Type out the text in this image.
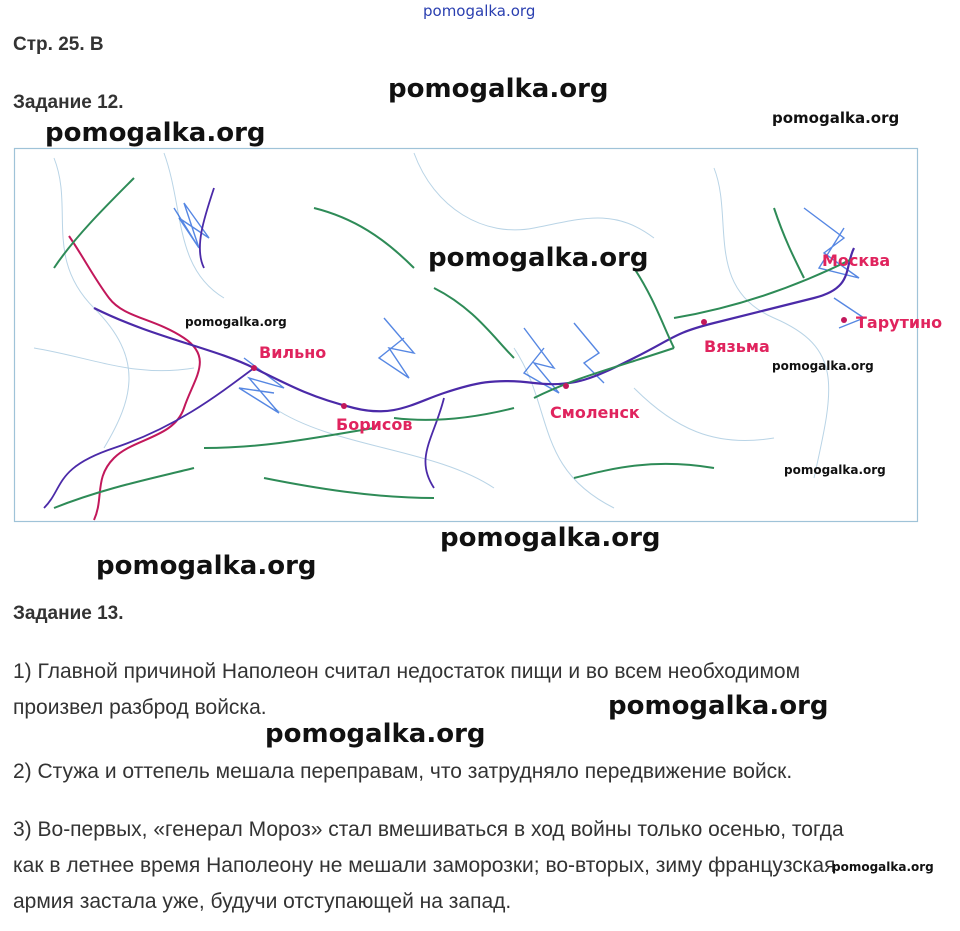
pomogalka.org
Стр. 25. В
Задание 12.	pomogalka.org
pomogalka.org
pomogalka.org
Вильно
Борисов
Смоленск
Вязьма
Москва
Тарутино
pomogalka.org
pomogalka.org
pomogalka.org
pomogalka.org
pomogalka.org
pomogalka.org
Задание 13.
1) Главной причиной Наполеон считал недостаток пищи и во всем необходимом произвел разброд войска.
2) Стужа и оттепель мешала переправам, что затрудняло передвижение войск.
3) Во-первых, «генерал Мороз» стал вмешиваться в ход войны только осенью, тогда как в летнее время Наполеону не мешали заморозки; во-вторых, зиму французская армия застала уже, будучи отступающей на запад.
pomogalka.org
pomogalka.org
pomogalka.org
